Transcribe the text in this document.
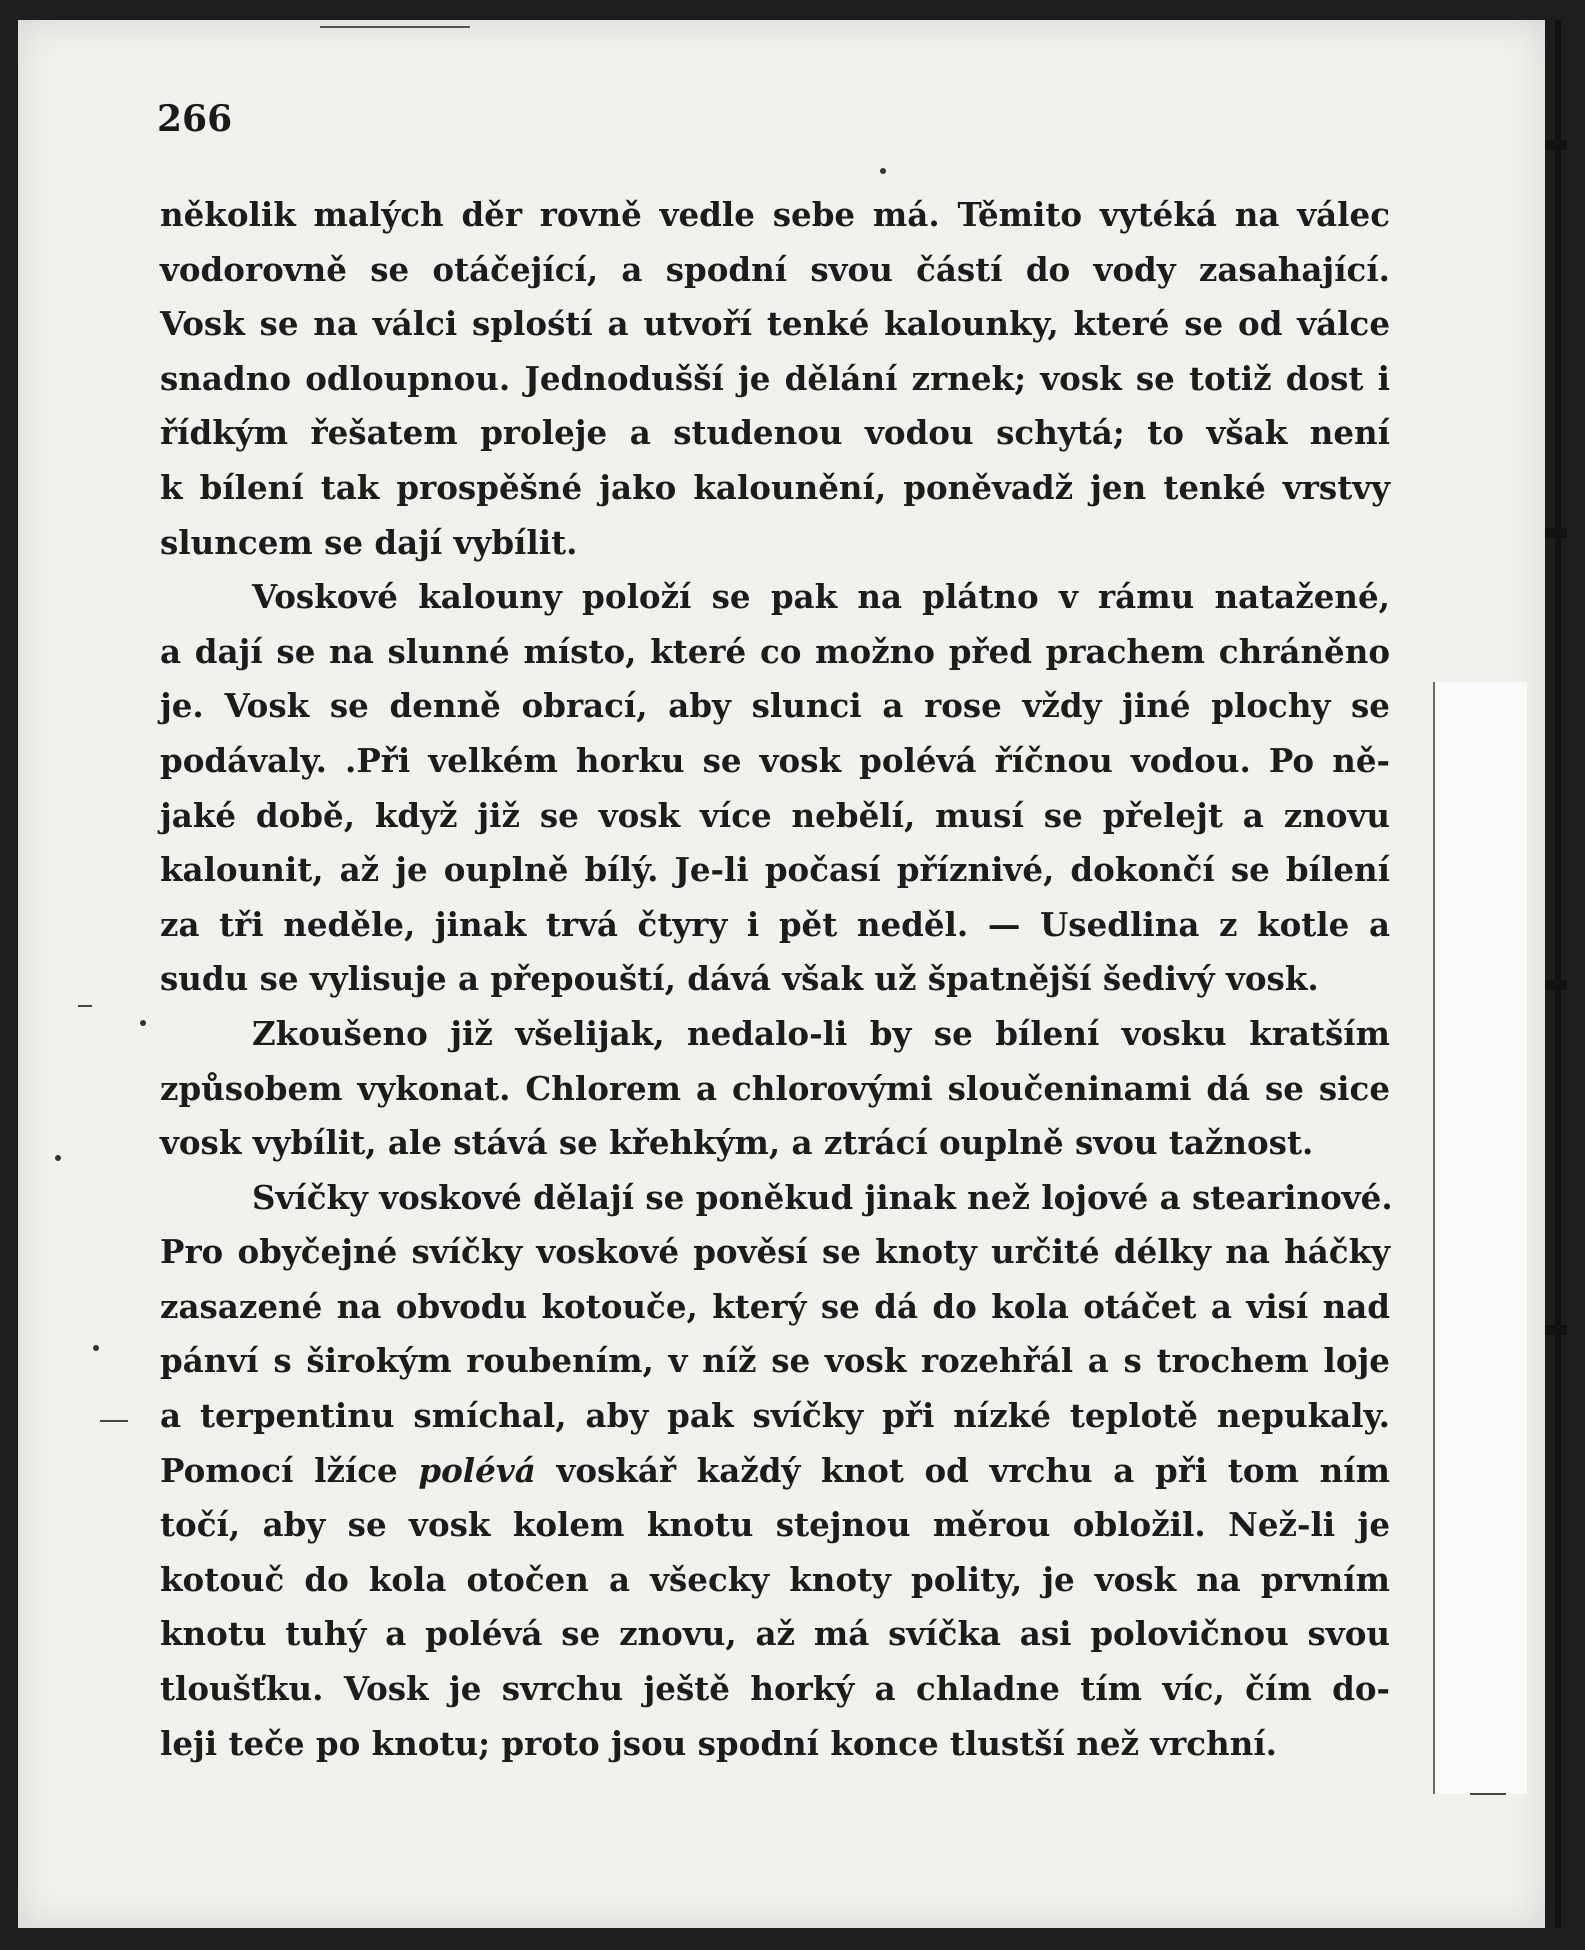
266
několik malých děr rovně vedle sebe má. Těmito vytéká na válec
vodorovně se otáčející, a spodní svou částí do vody zasahající.
Vosk se na válci splośtí a utvoří tenké kalounky, které se od válce
snadno odloupnou. Jednodušší je dělání zrnek; vosk se totiž dost i
řídkým řešatem proleje a studenou vodou schytá; to však není
k bílení tak prospěšné jako kalounění, poněvadž jen tenké vrstvy
sluncem se dají vybílit.
Voskové kalouny položí se pak na plátno v rámu natažené,
a dají se na slunné místo, které co možno před prachem chráněno
je. Vosk se denně obrací, aby slunci a rose vždy jiné plochy se
podávaly. .Při velkém horku se vosk polévá říčnou vodou. Po ně-
jaké době, když již se vosk více nebělí, musí se přelejt a znovu
kalounit, až je ouplně bílý. Je-li počasí příznivé, dokončí se bílení
za tři neděle, jinak trvá čtyry i pět neděl. — Usedlina z kotle a
sudu se vylisuje a přepouští, dává však už špatnější šedivý vosk.
Zkoušeno již všelijak, nedalo-li by se bílení vosku kratším
způsobem vykonat. Chlorem a chlorovými sloučeninami dá se sice
vosk vybílit, ale stává se křehkým, a ztrácí ouplně svou tažnost.
Svíčky voskové dělají se poněkud jinak než lojové a stearinové.
Pro obyčejné svíčky voskové pověsí se knoty určité délky na háčky
zasazené na obvodu kotouče, který se dá do kola otáčet a visí nad
pánví s širokým roubením, v níž se vosk rozehřál a s trochem loje
a terpentinu smíchal, aby pak svíčky při nízké teplotě nepukaly.
Pomocí lžíce polévá voskář každý knot od vrchu a při tom ním
točí, aby se vosk kolem knotu stejnou měrou obložil. Než-li je
kotouč do kola otočen a všecky knoty polity, je vosk na prvním
knotu tuhý a polévá se znovu, až má svíčka asi polovičnou svou
tloušťku. Vosk je svrchu ještě horký a chladne tím víc, čím do-
leji teče po knotu; proto jsou spodní konce tlustší než vrchní.
